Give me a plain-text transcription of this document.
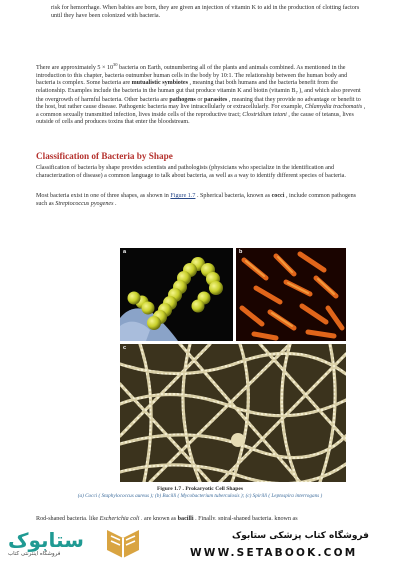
risk for hemorrhage. When babies are born, they are given an injection of vitamin K to aid in the production of clotting factors until they have been colonized with bacteria.

There are approximately $5 \times 10^{30}$ bacteria on Earth, outnumbering all of the plants and animals combined. As mentioned in the introduction to this chapter, bacteria outnumber human cells in the body by 10:1. The relationship between the human body and bacteria is complex. Some bacteria are mutualistic symbiotes , meaning that both humans and the bacteria benefit from the relationship. Examples include the bacteria in the human gut that produce vitamin K and biotin (vitamin $B_7$ ), and which also prevent the overgrowth of harmful bacteria. Other bacteria are pathogens or parasites , meaning that they provide no advantage or benefit to the host, but rather cause disease. Pathogenic bacteria may live intracellularly or extracellularly. For example, Chlamydia trachomatis , a common sexually transmitted infection, lives inside cells of the reproductive tract; Clostridium tetani , the cause of tetanus, lives outside of cells and produces toxins that enter the bloodstream.

Classification of Bacteria by Shape

Classification of bacteria by shape provides scientists and pathologists (physicians who specialize in the identification and characterization of disease) a common language to talk about bacteria, as well as a way to identify different species of bacteria.

Most bacteria exist in one of three shapes, as shown in Figure 1.7 . Spherical bacteria, known as cocci , include common pathogens such as Streptococcus pyogenes .

a	b
c
Figure 1.7 . Prokaryotic Cell Shapes
(a) Cocci ( Staphylococcus aureus ); (b) Bacilli ( Mycobacterium tuberculosis ); (c) Spirilli ( Leptospira interrogans )

ستابوک
فروشگاه اینترنتی کتاب
فروشگاه کتاب پزشکی ستابوک
WWW.SETABOOK.COM
